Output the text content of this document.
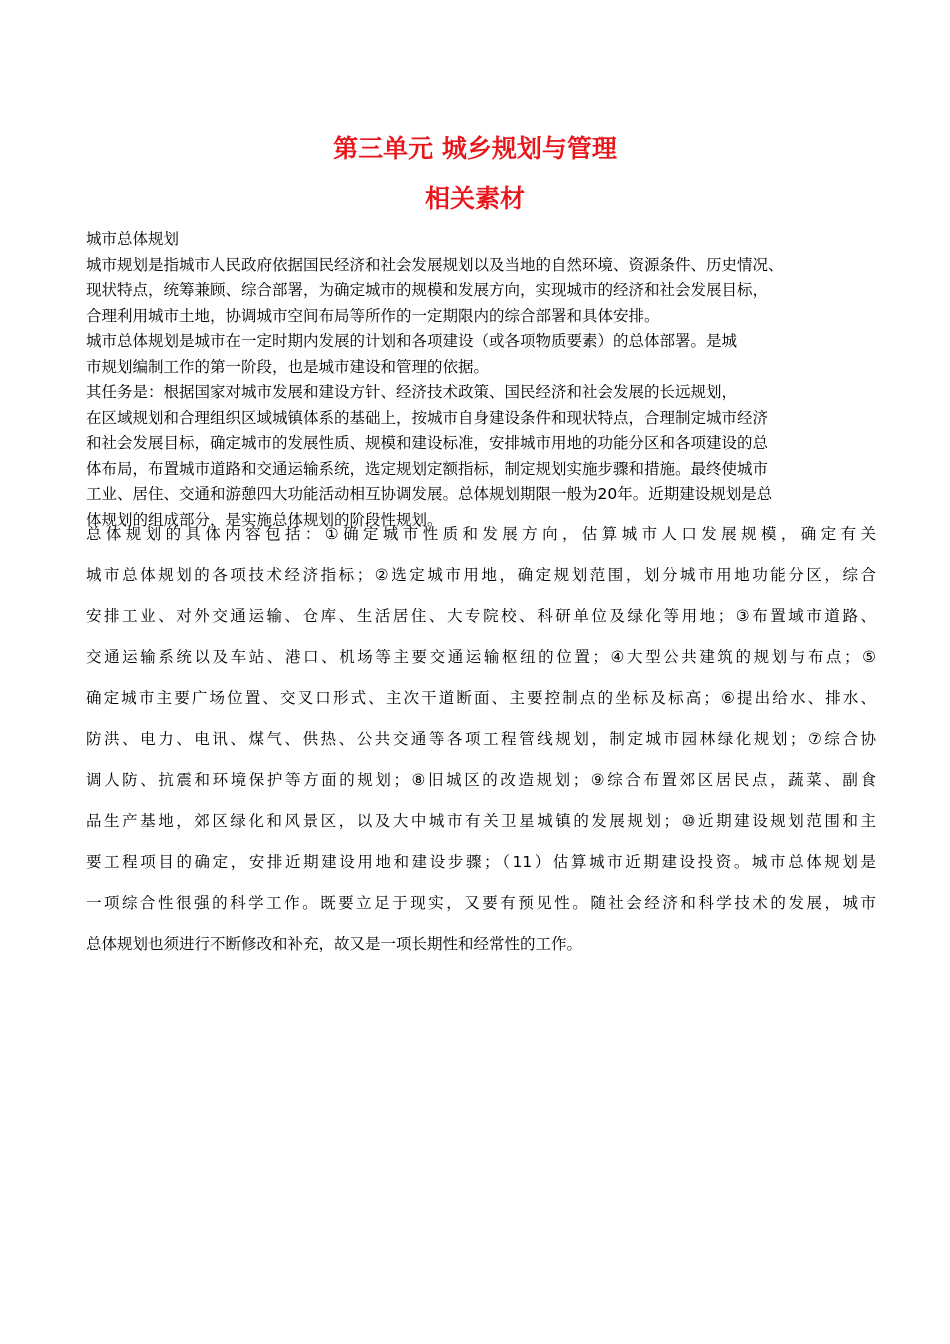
第三单元 城乡规划与管理
相关素材
城市总体规划
城市规划是指城市人民政府依据国民经济和社会发展规划以及当地的自然环境、资源条件、历史情况、
现状特点，统筹兼顾、综合部署，为确定城市的规模和发展方向，实现城市的经济和社会发展目标，
合理利用城市土地，协调城市空间布局等所作的一定期限内的综合部署和具体安排。
城市总体规划是城市在一定时期内发展的计划和各项建设（或各项物质要素）的总体部署。是城
市规划编制工作的第一阶段，也是城市建设和管理的依据。
其任务是：根据国家对城市发展和建设方针、经济技术政策、国民经济和社会发展的长远规划，
在区域规划和合理组织区域城镇体系的基础上，按城市自身建设条件和现状特点，合理制定城市经济
和社会发展目标，确定城市的发展性质、规模和建设标准，安排城市用地的功能分区和各项建设的总
体布局，布置城市道路和交通运输系统，选定规划定额指标，制定规划实施步骤和措施。最终使城市
工业、居住、交通和游憩四大功能活动相互协调发展。总体规划期限一般为20年。近期建设规划是总
体规划的组成部分，是实施总体规划的阶段性规划。
总体规划的具体内容包括：①确定城市性质和发展方向，估算城市人口发展规模，确定有关
城市总体规划的各项技术经济指标；②选定城市用地，确定规划范围，划分城市用地功能分区，综合
安排工业、对外交通运输、仓库、生活居住、大专院校、科研单位及绿化等用地；③布置域市道路、
交通运输系统以及车站、港口、机场等主要交通运输枢纽的位置；④大型公共建筑的规划与布点；⑤
确定城市主要广场位置、交叉口形式、主次干道断面、主要控制点的坐标及标高；⑥提出给水、排水、
防洪、电力、电讯、煤气、供热、公共交通等各项工程管线规划，制定城市园林绿化规划；⑦综合协
调人防、抗震和环境保护等方面的规划；⑧旧城区的改造规划；⑨综合布置郊区居民点，蔬菜、副食
品生产基地，郊区绿化和风景区，以及大中城市有关卫星城镇的发展规划；⑩近期建设规划范围和主
要工程项目的确定，安排近期建设用地和建设步骤；（11）估算城市近期建设投资。城市总体规划是
一项综合性很强的科学工作。既要立足于现实，又要有预见性。随社会经济和科学技术的发展，城市
总体规划也须进行不断修改和补充，故又是一项长期性和经常性的工作。
